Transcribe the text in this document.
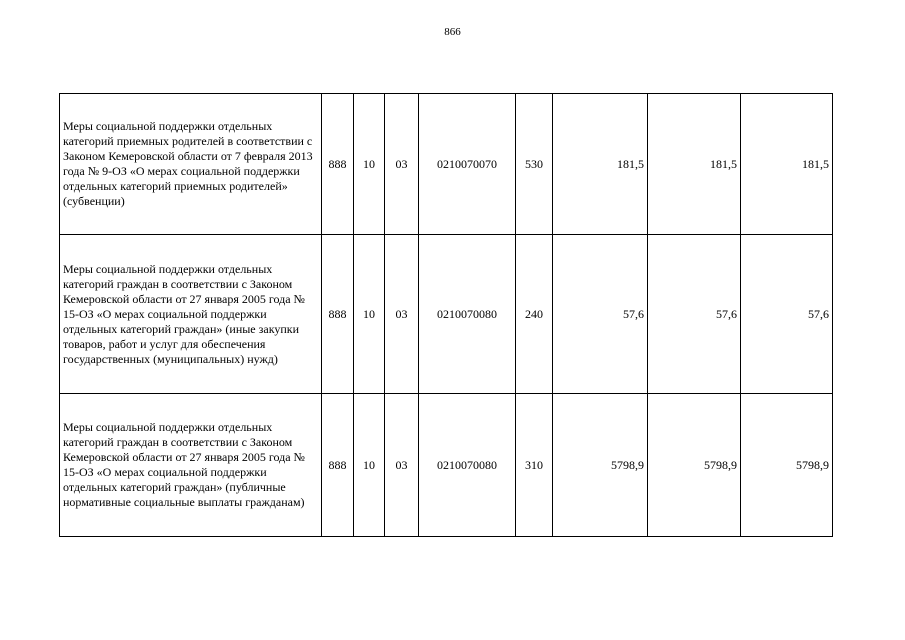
866
Меры социальной поддержки отдельных категорий приемных родителей в соответствии с Законом Кемеровской области от 7 февраля 2013 года № 9-ОЗ «О мерах социальной поддержки отдельных категорий приемных родителей» (субвенции)	888	10	03	0210070070	530	181,5	181,5	181,5
Меры социальной поддержки отдельных категорий граждан в соответствии с Законом Кемеровской области от 27 января 2005 года № 15-ОЗ «О мерах социальной поддержки отдельных категорий граждан» (иные закупки товаров, работ и услуг для обеспечения государственных (муниципальных) нужд)	888	10	03	0210070080	240	57,6	57,6	57,6
Меры социальной поддержки отдельных категорий граждан в соответствии с Законом Кемеровской области от 27 января 2005 года № 15-ОЗ «О мерах социальной поддержки отдельных категорий граждан» (публичные нормативные социальные выплаты гражданам)	888	10	03	0210070080	310	5798,9	5798,9	5798,9
